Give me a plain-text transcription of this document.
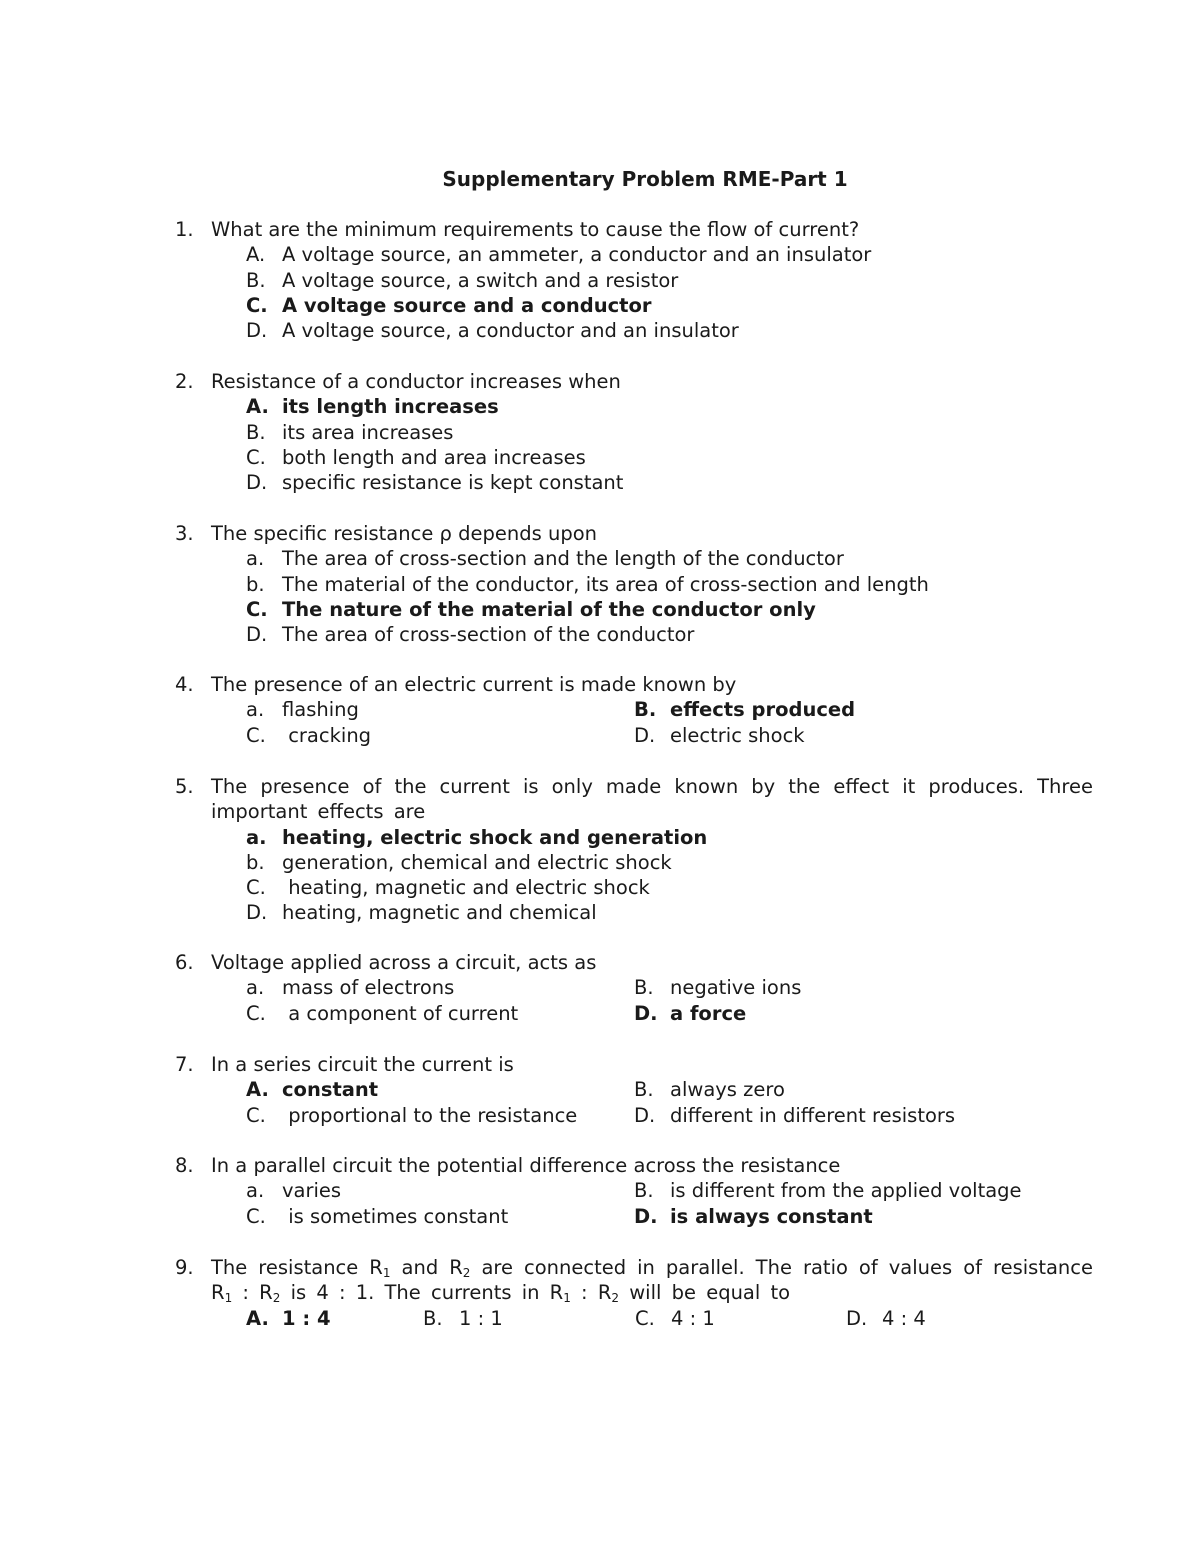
Supplementary Problem RME-Part 1
1. What are the minimum requirements to cause the flow of current?
A. A voltage source, an ammeter, a conductor and an insulator
B. A voltage source, a switch and a resistor
C. A voltage source and a conductor
D. A voltage source, a conductor and an insulator
2. Resistance of a conductor increases when
A. its length increases
B. its area increases
C. both length and area increases
D. specific resistance is kept constant
3. The specific resistance ρ depends upon
a. The area of cross-section and the length of the conductor
b. The material of the conductor, its area of cross-section and length
C. The nature of the material of the conductor only
D. The area of cross-section of the conductor
4. The presence of an electric current is made known by
a. flashing	B. effects produced
C. cracking	D. electric shock
5. The presence of the current is only made known by the effect it produces. Three important effects are
a. heating, electric shock and generation
b. generation, chemical and electric shock
C. heating, magnetic and electric shock
D. heating, magnetic and chemical
6. Voltage applied across a circuit, acts as
a. mass of electrons	B. negative ions
C. a component of current	D. a force
7. In a series circuit the current is
A. constant	B. always zero
C. proportional to the resistance	D. different in different resistors
8. In a parallel circuit the potential difference across the resistance
a. varies	B. is different from the applied voltage
C. is sometimes constant	D. is always constant
9. The resistance $R_1$ and $R_2$ are connected in parallel. The ratio of values of resistance $R_1$ : $R_2$ is 4 : 1. The currents in $R_1$ : $R_2$ will be equal to
A. 1 : 4	B. 1 : 1	C. 4 : 1	D. 4 : 4
